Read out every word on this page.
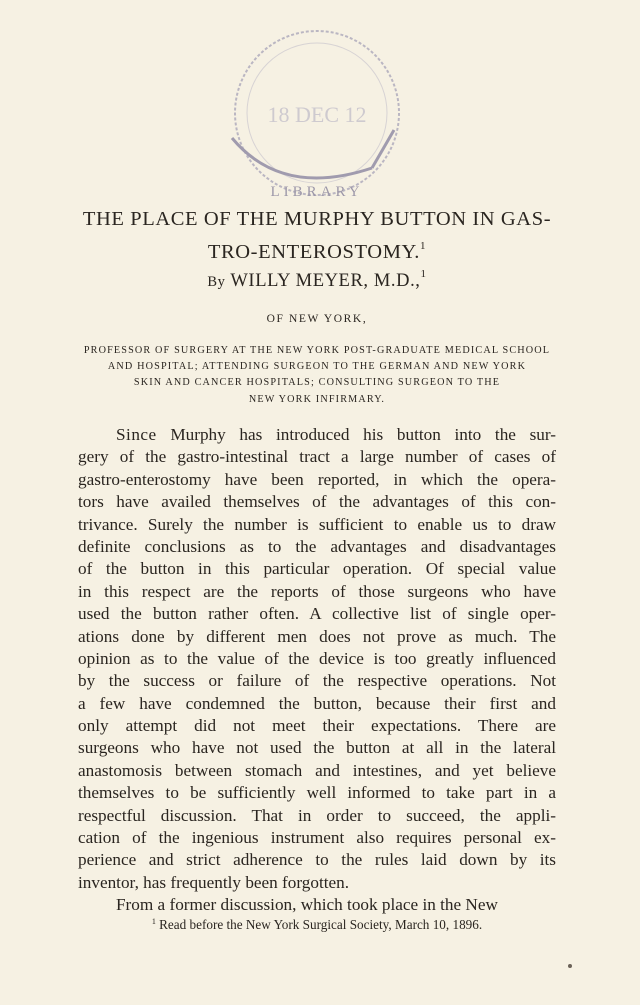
18 DEC 12
LIBRARY
THE PLACE OF THE MURPHY BUTTON IN GAS-
TRO-ENTEROSTOMY.$^1$
By WILLY MEYER, M.D.,$^1$
OF NEW YORK,
PROFESSOR OF SURGERY AT THE NEW YORK POST-GRADUATE MEDICAL SCHOOL
AND HOSPITAL; ATTENDING SURGEON TO THE GERMAN AND NEW YORK
SKIN AND CANCER HOSPITALS; CONSULTING SURGEON TO THE
NEW YORK INFIRMARY.
Since Murphy has introduced his button into the sur-
gery of the gastro-intestinal tract a large number of cases of
gastro-enterostomy have been reported, in which the opera-
tors have availed themselves of the advantages of this con-
trivance. Surely the number is sufficient to enable us to draw
definite conclusions as to the advantages and disadvantages
of the button in this particular operation. Of special value
in this respect are the reports of those surgeons who have
used the button rather often. A collective list of single oper-
ations done by different men does not prove as much. The
opinion as to the value of the device is too greatly influenced
by the success or failure of the respective operations. Not
a few have condemned the button, because their first and
only attempt did not meet their expectations. There are
surgeons who have not used the button at all in the lateral
anastomosis between stomach and intestines, and yet believe
themselves to be sufficiently well informed to take part in a
respectful discussion. That in order to succeed, the appli-
cation of the ingenious instrument also requires personal ex-
perience and strict adherence to the rules laid down by its
inventor, has frequently been forgotten.
From a former discussion, which took place in the New
$^1$ Read before the New York Surgical Society, March 10, 1896.
